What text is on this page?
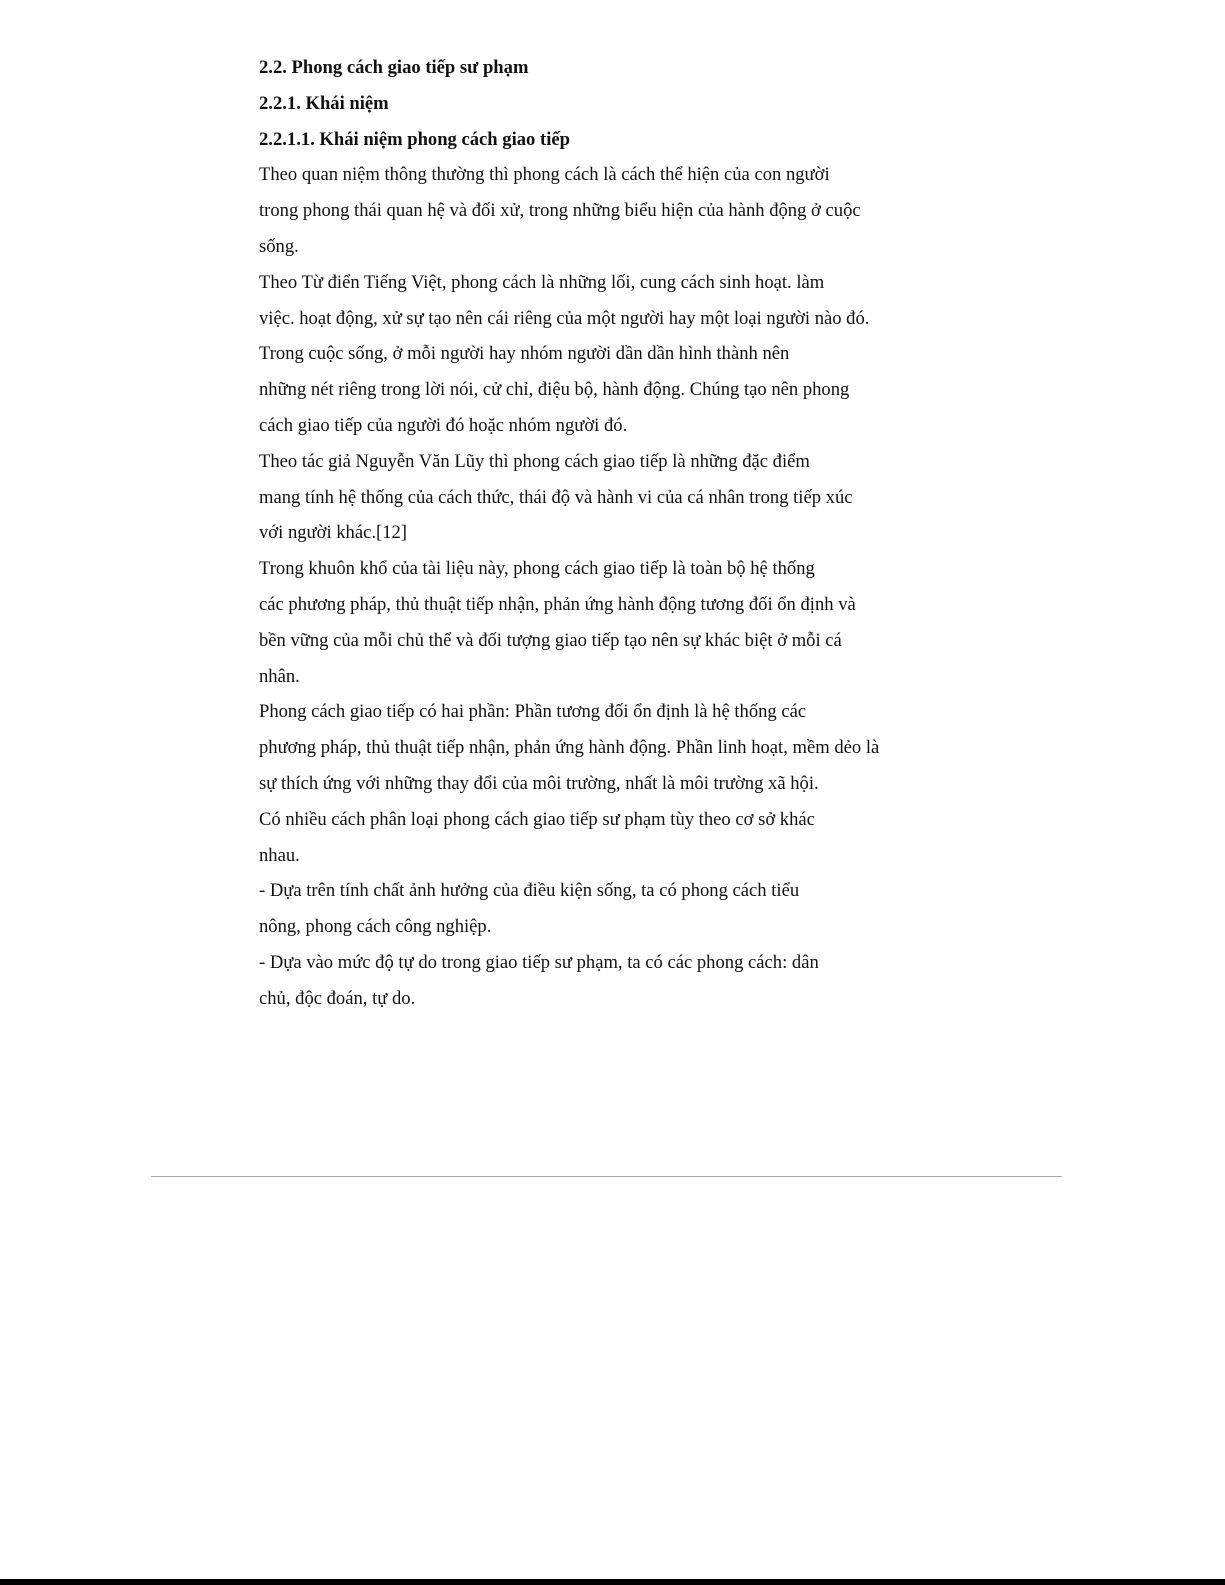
2.2. Phong cách giao tiếp sư phạm
2.2.1. Khái niệm
2.2.1.1. Khái niệm phong cách giao tiếp
Theo quan niệm thông thường thì phong cách là cách thể hiện của con người
trong phong thái quan hệ và đối xử, trong những biểu hiện của hành động ở cuộc
sống.
Theo Từ điển Tiếng Việt, phong cách là những lối, cung cách sinh hoạt. làm
việc. hoạt động, xử sự tạo nên cái riêng của một người hay một loại người nào đó.
Trong cuộc sống, ở mỗi người hay nhóm người dần dần hình thành nên
những nét riêng trong lời nói, cử chỉ, điệu bộ, hành động. Chúng tạo nên phong
cách giao tiếp của người đó hoặc nhóm người đó.
Theo tác giả Nguyễn Văn Lũy thì phong cách giao tiếp là những đặc điểm
mang tính hệ thống của cách thức, thái độ và hành vi của cá nhân trong tiếp xúc
với người khác.[12]
Trong khuôn khổ của tài liệu này, phong cách giao tiếp là toàn bộ hệ thống
các phương pháp, thủ thuật tiếp nhận, phản ứng hành động tương đối ổn định và
bền vững của mỗi chủ thể và đối tượng giao tiếp tạo nên sự khác biệt ở mỗi cá
nhân.
Phong cách giao tiếp có hai phần: Phần tương đối ổn định là hệ thống các
phương pháp, thủ thuật tiếp nhận, phản ứng hành động. Phần linh hoạt, mềm dẻo là
sự thích ứng với những thay đổi của môi trường, nhất là môi trường xã hội.
Có nhiều cách phân loại phong cách giao tiếp sư phạm tùy theo cơ sở khác
nhau.
- Dựa trên tính chất ảnh hưởng của điều kiện sống, ta có phong cách tiểu
nông, phong cách công nghiệp.
- Dựa vào mức độ tự do trong giao tiếp sư phạm, ta có các phong cách: dân
chủ, độc đoán, tự do.
